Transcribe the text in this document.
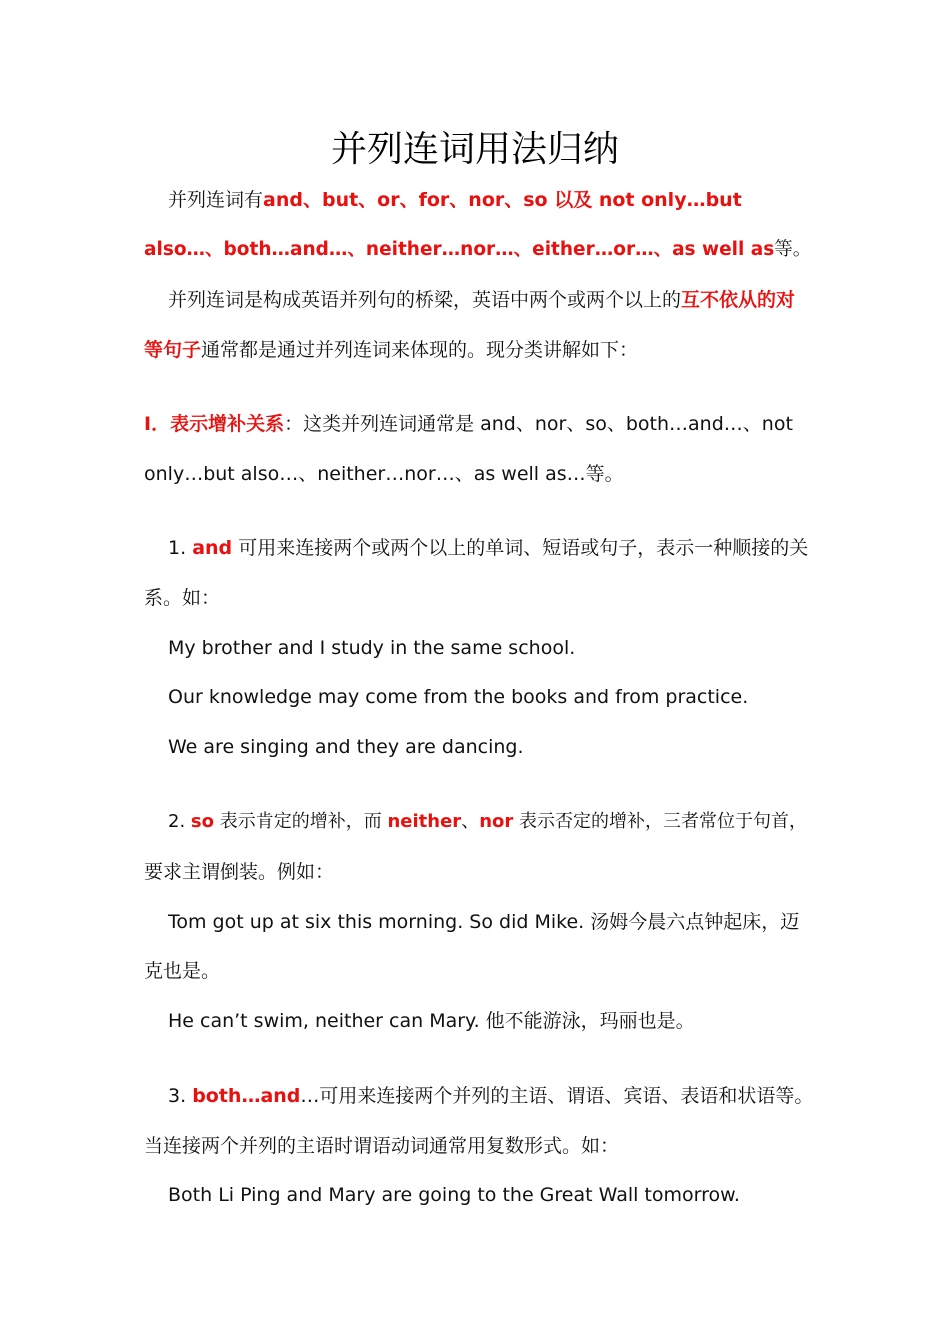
并列连词用法归纳
并列连词有and、but、or、for、nor、so 以及 not only…but
also…、both…and…、neither…nor…、either…or…、as well as等。
并列连词是构成英语并列句的桥梁，英语中两个或两个以上的互不依从的对
等句子通常都是通过并列连词来体现的。现分类讲解如下：
I．表示增补关系：这类并列连词通常是 and、nor、so、both…and…、not
only…but also…、neither…nor…、as well as…等。
1. and 可用来连接两个或两个以上的单词、短语或句子，表示一种顺接的关
系。如：
My brother and I study in the same school.
Our knowledge may come from the books and from practice.
We are singing and they are dancing.
2. so 表示肯定的增补，而 neither、nor 表示否定的增补，三者常位于句首，
要求主谓倒装。例如：
Tom got up at six this morning. So did Mike. 汤姆今晨六点钟起床，迈
克也是。
He can’t swim, neither can Mary. 他不能游泳，玛丽也是。
3. both…and…可用来连接两个并列的主语、谓语、宾语、表语和状语等。
当连接两个并列的主语时谓语动词通常用复数形式。如：
Both Li Ping and Mary are going to the Great Wall tomorrow.
